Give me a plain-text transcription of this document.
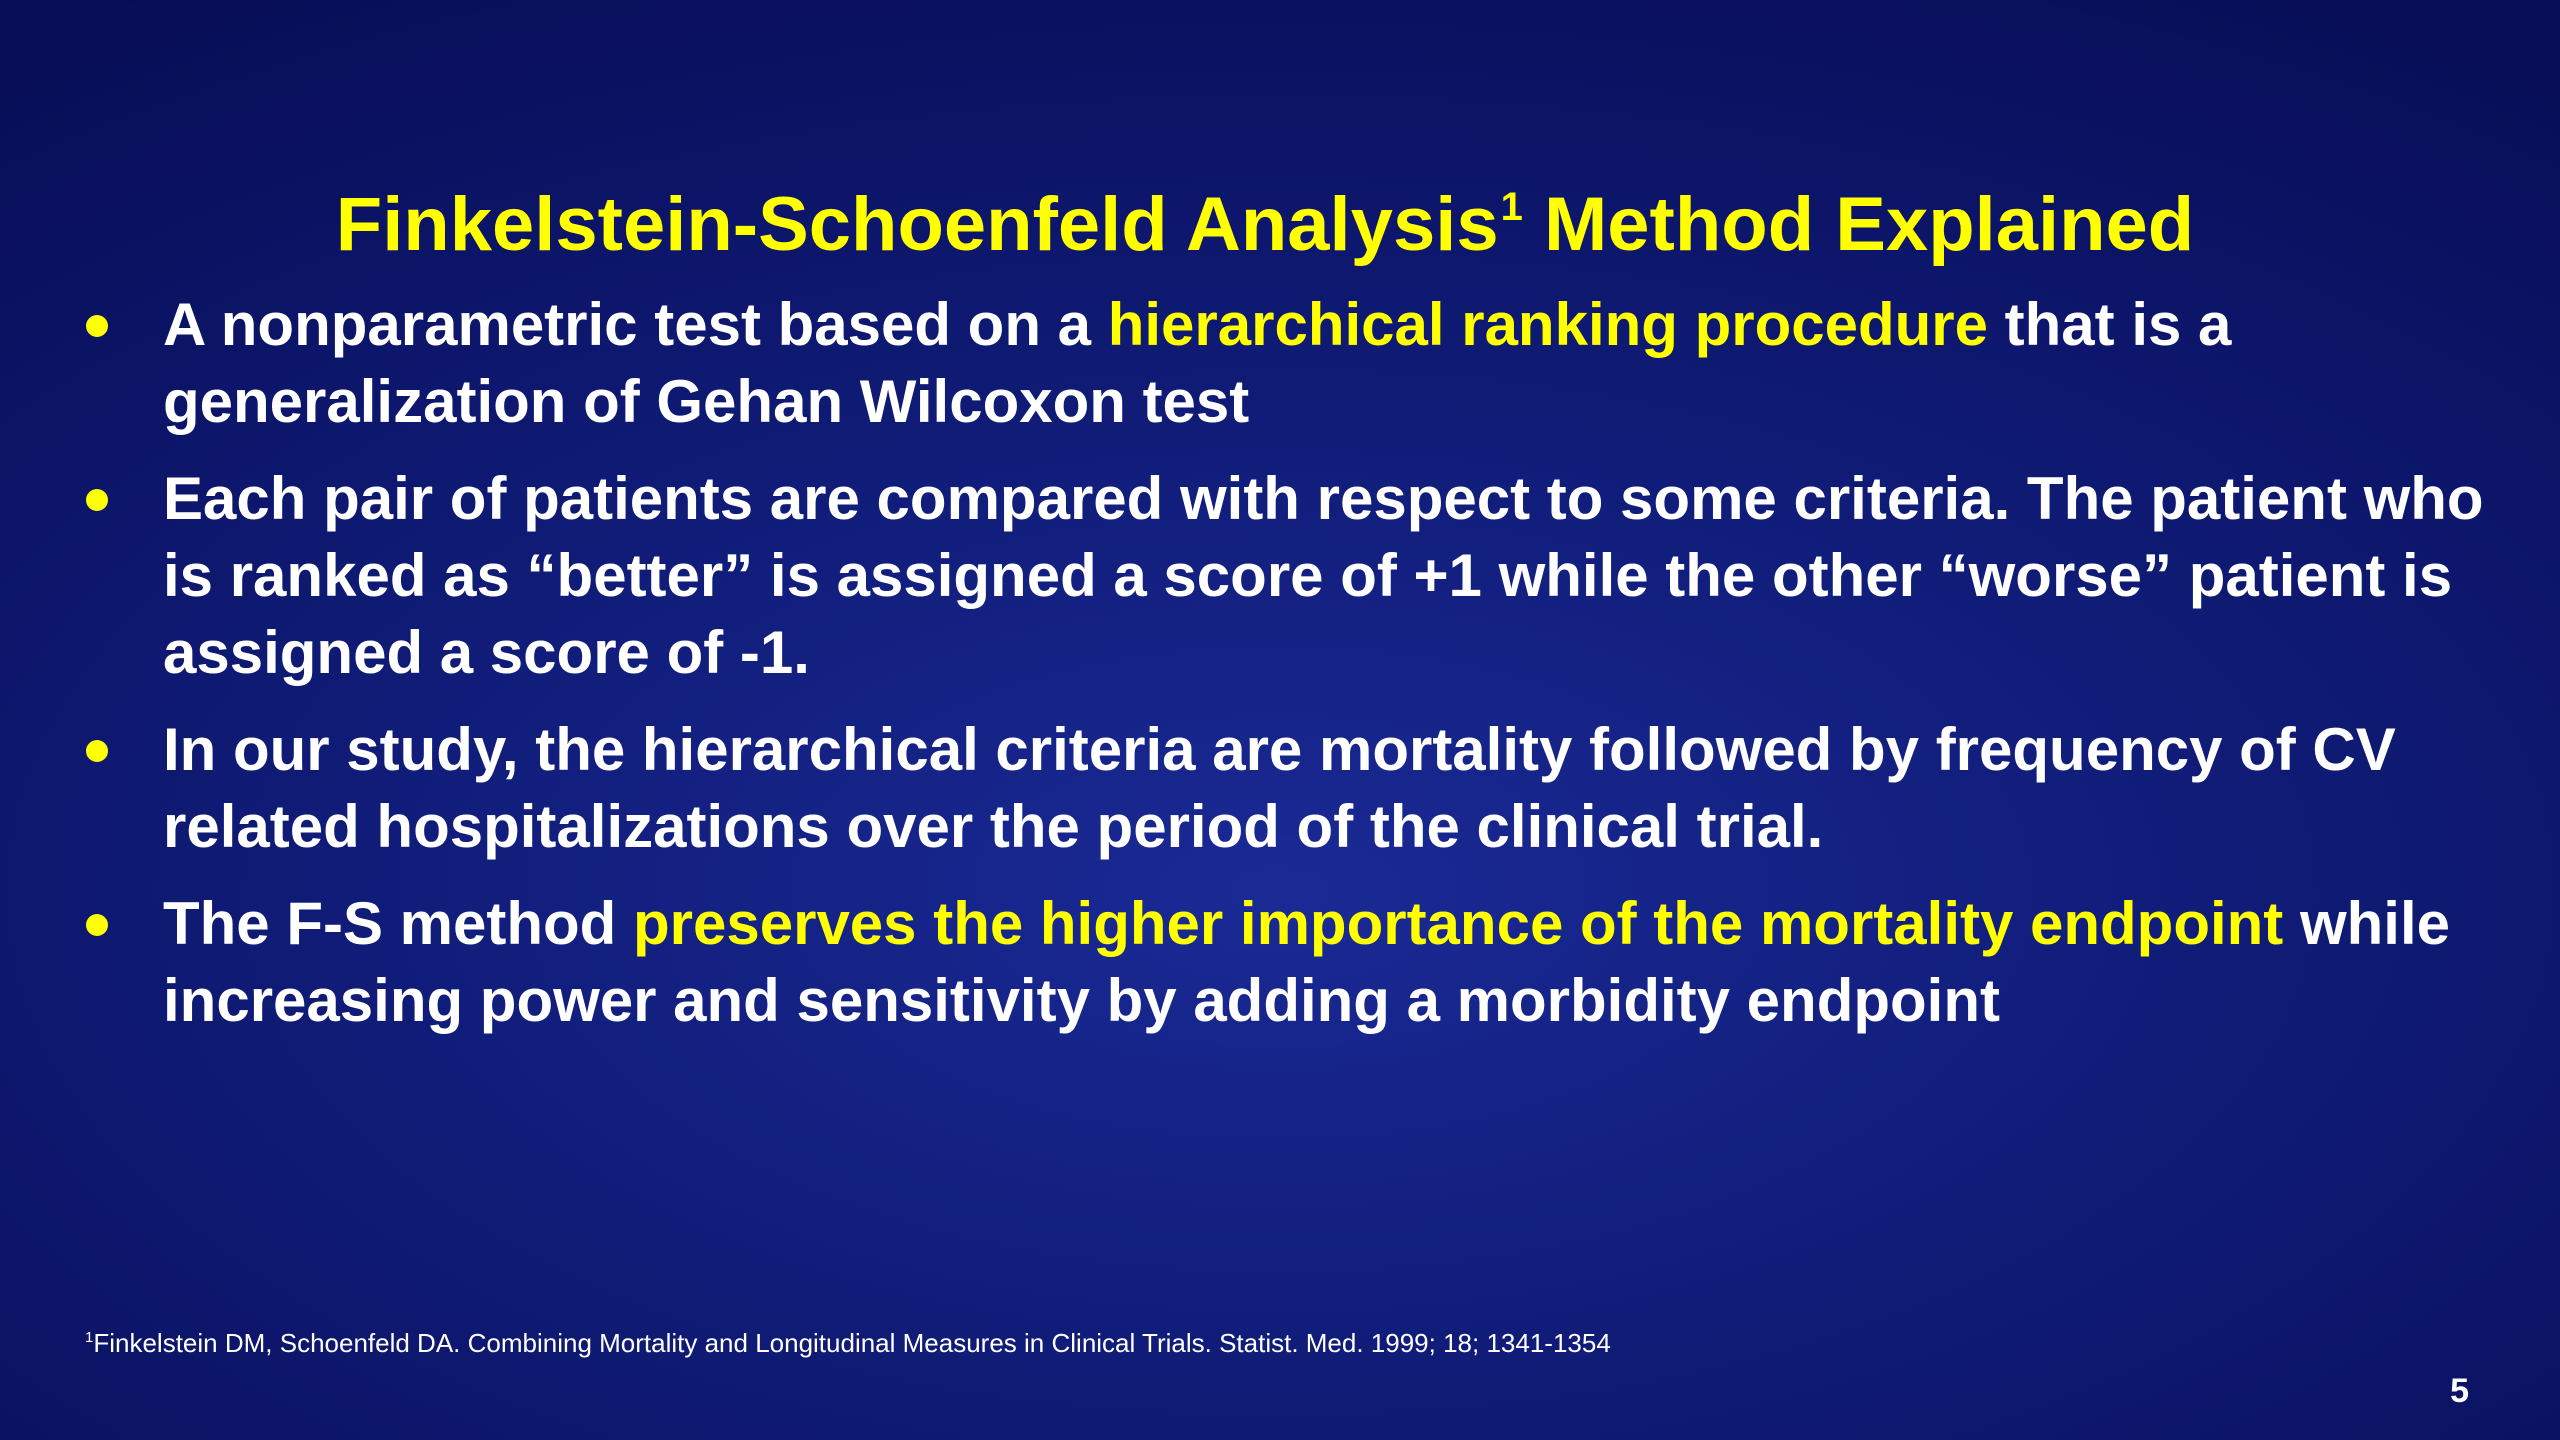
Finkelstein-Schoenfeld Analysis$^1$ Method Explained
A nonparametric test based on a hierarchical ranking procedure that is a generalization of Gehan Wilcoxon test
Each pair of patients are compared with respect to some criteria. The patient who is ranked as “better” is assigned a score of +1 while the other “worse” patient is assigned a score of -1.
In our study, the hierarchical criteria are mortality followed by frequency of CV related hospitalizations over the period of the clinical trial.
The F-S method preserves the higher importance of the mortality endpoint while increasing power and sensitivity by adding a morbidity endpoint
$^1$Finkelstein DM, Schoenfeld DA. Combining Mortality and Longitudinal Measures in Clinical Trials. Statist. Med. 1999; 18; 1341-1354
5
